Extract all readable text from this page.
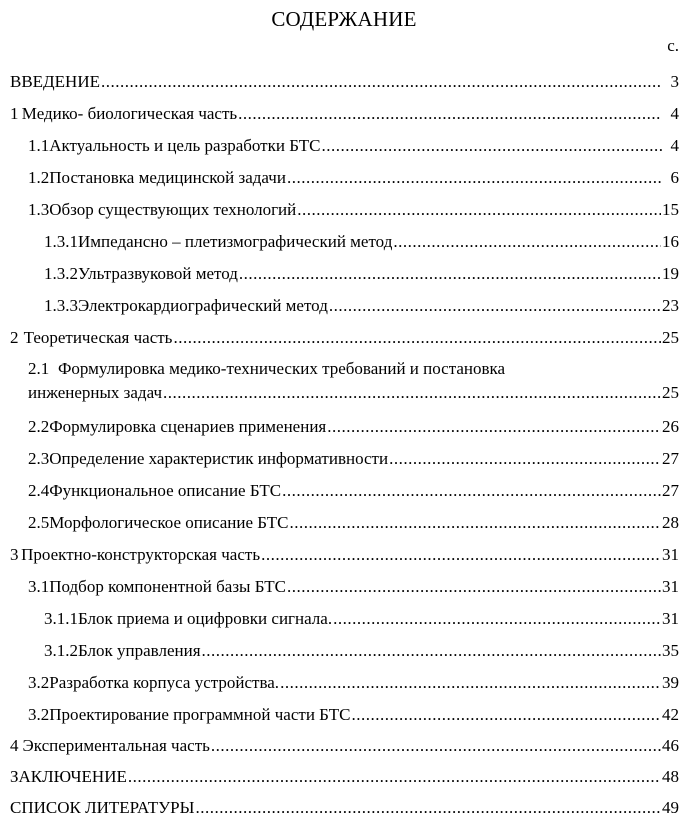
СОДЕРЖАНИЕ
с.
ВВЕДЕНИЕ .....	3
1 Медико- биологическая часть .....	4
1.1 Актуальность и цель разработки БТС .....	4
1.2 Постановка медицинской задачи .....	6
1.3 Обзор существующих технологий .....	15
1.3.1 Импедансно – плетизмографический метод .....	16
1.3.2 Ультразвуковой метод .....	19
1.3.3 Электрокардиографический метод .....	23
2 Теоретическая часть .....	25
2.1 Формулировка медико-технических требований и постановка
инженерных задач .....	25
2.2 Формулировка сценариев применения .....	26
2.3 Определение характеристик информативности .....	27
2.4 Функциональное описание БТС .....	27
2.5 Морфологическое описание БТС .....	28
3 Проектно-конструкторская часть .....	31
3.1 Подбор компонентной базы БТС .....	31
3.1.1 Блок приема и оцифровки сигнала. .....	31
3.1.2 Блок управления .....	35
3.2 Разработка корпуса устройства. .....	39
3.2 Проектирование программной части БТС .....	42
4 Экспериментальная часть .....	46
ЗАКЛЮЧЕНИЕ .....	48
СПИСОК ЛИТЕРАТУРЫ .....	49
